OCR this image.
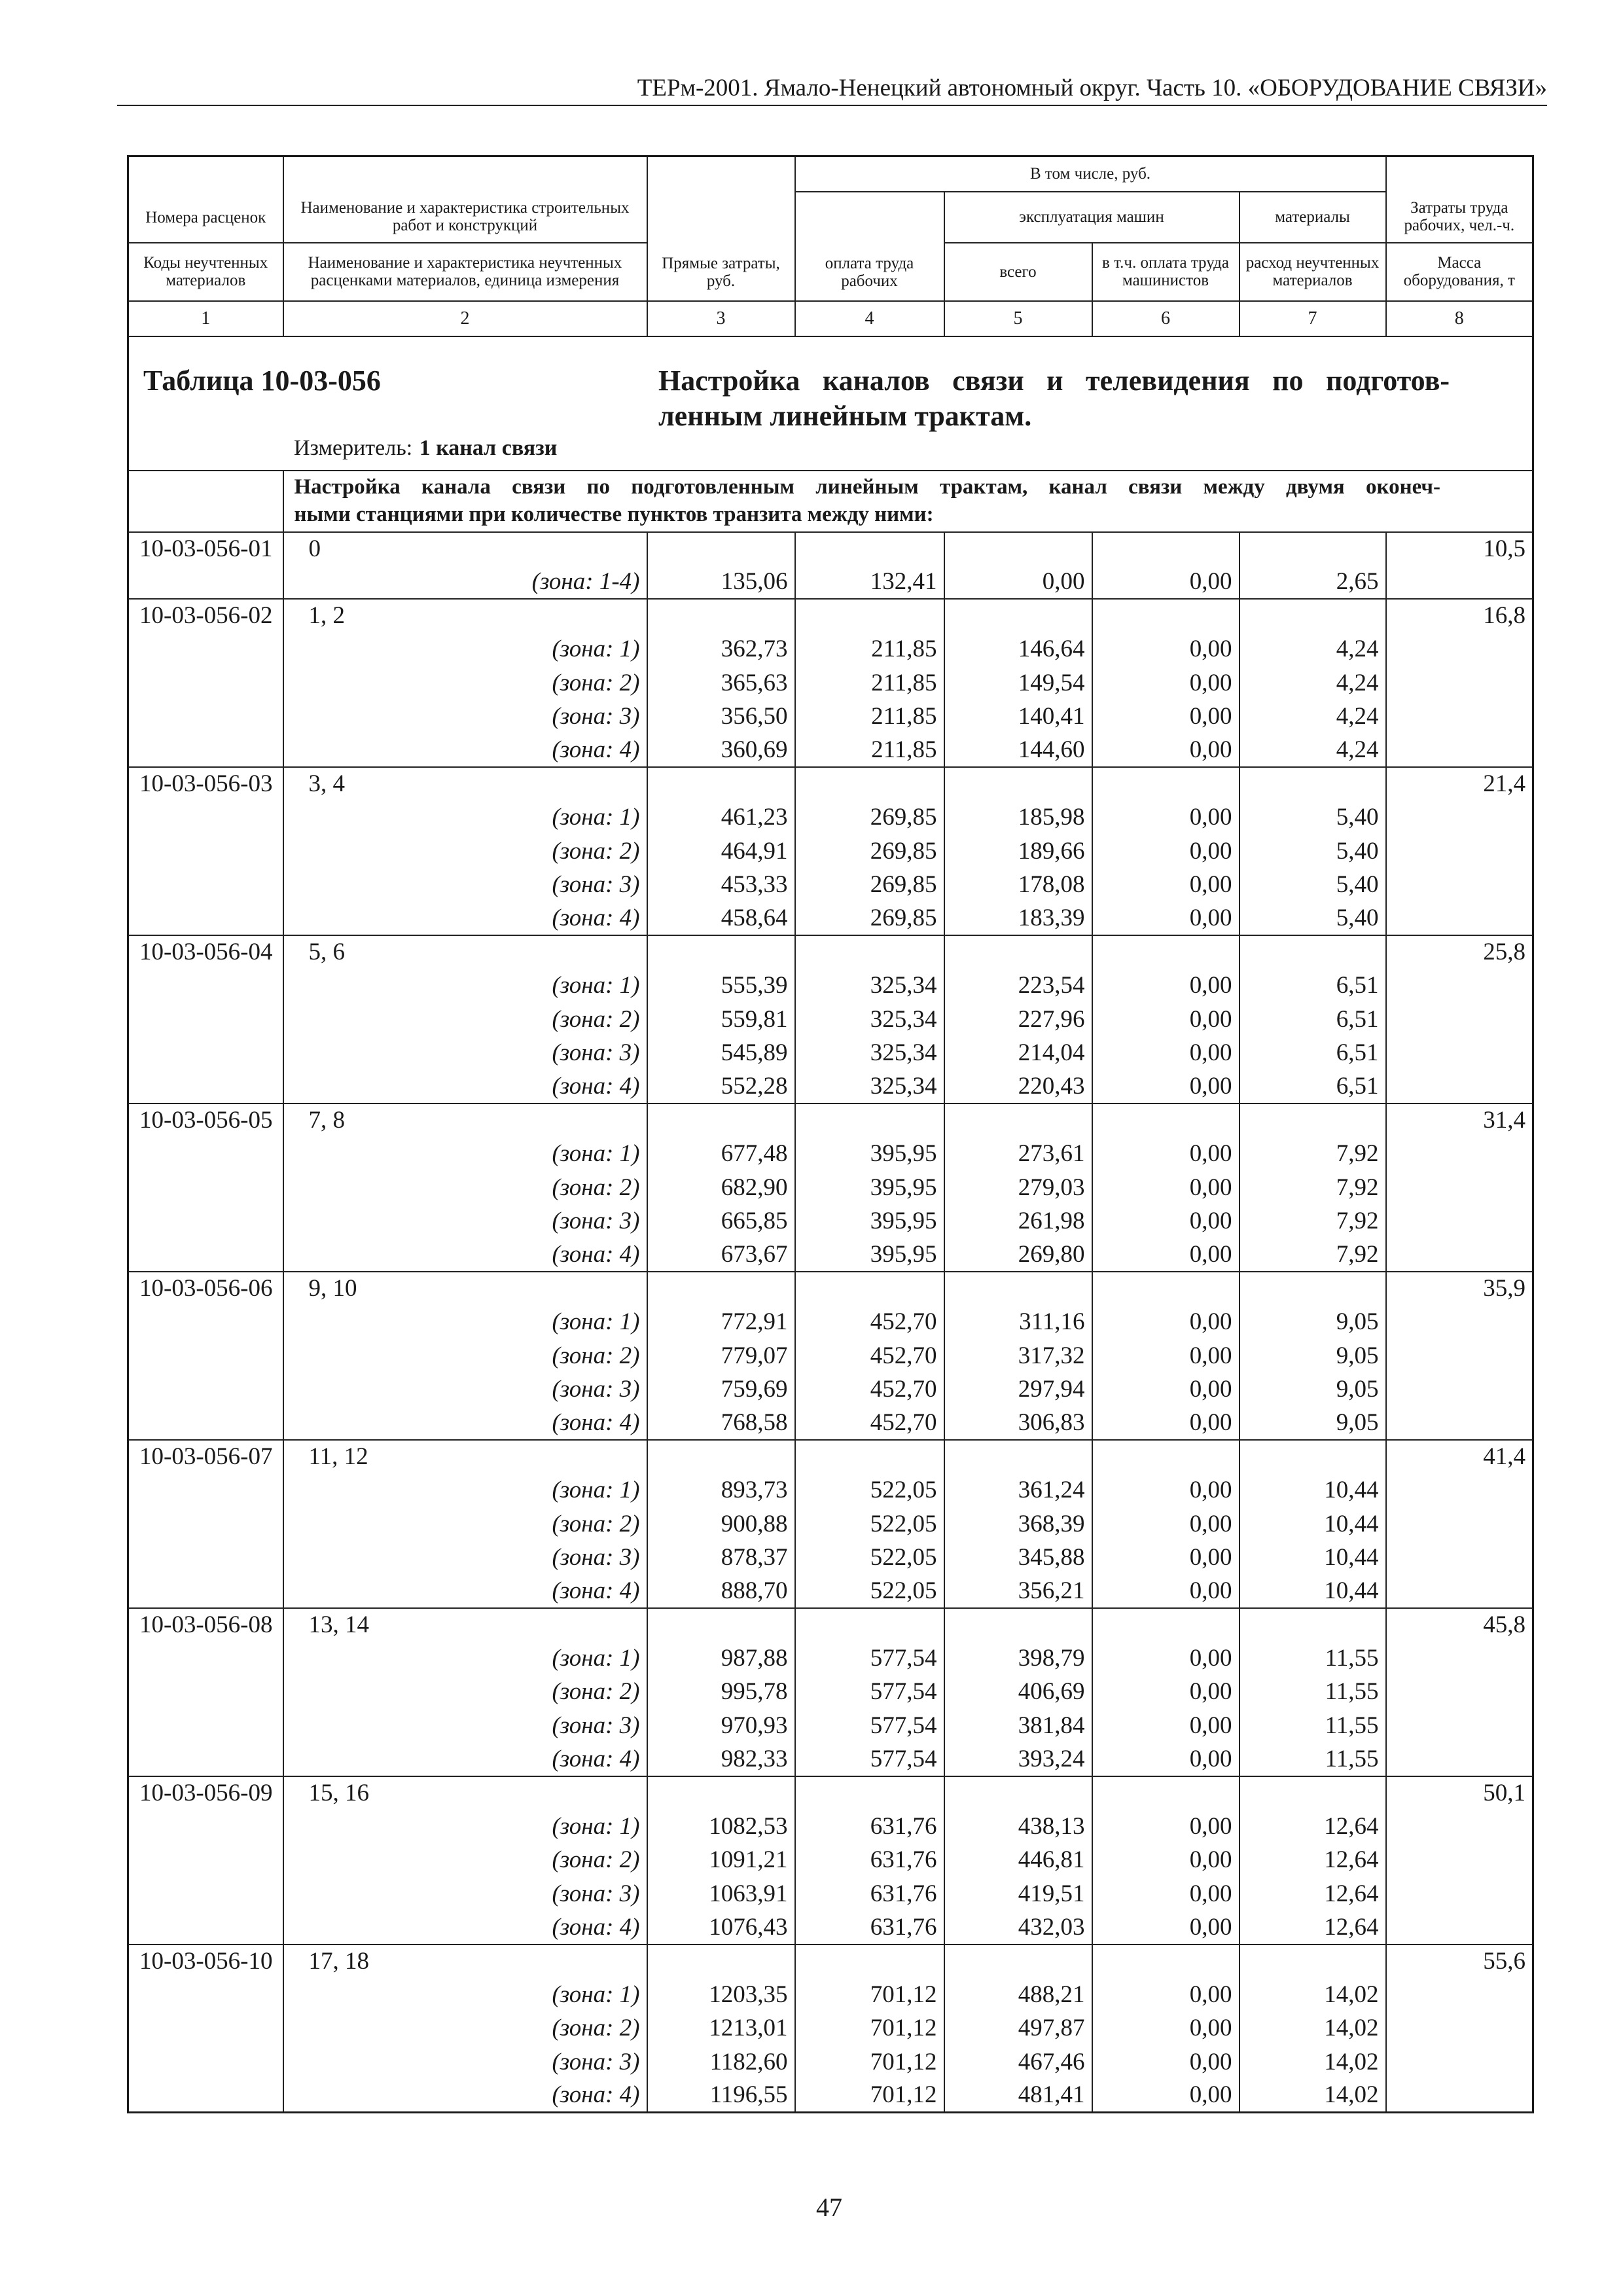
ТЕРм-2001. Ямало-Ненецкий автономный округ. Часть 10. «ОБОРУДОВАНИЕ СВЯЗИ»
Номера расценок	Наименование и характеристика строительных работ и конструкций	Прямые затраты, руб.	В том числе, руб.				Затраты труда рабочих, чел.-ч.
			оплата труда рабочих	эксплуатация машин		материалы	
Коды неучтенных материалов	Наименование и характеристика неучтенных расценками материалов, единица измерения			всего	в т.ч. оплата труда машинистов	расход неучтенных материалов	Масса оборудования, т
1	2	3	4	5	6	7	8

Таблица 10-03-056 Настройка каналов связи и телевидения по подготов-
ленным линейным трактам.
Измеритель: 1 канал связи							

	Настройка канала связи по подготовленным линейным трактам, канал связи между двумя оконеч-
ными станциями при количестве пунктов транзита между ними:						

10-03-056-01	0						10,5
	(зона: 1-4)	135,06	132,41	0,00	0,00	2,65	
10-03-056-02	1, 2						16,8
	(зона: 1)	362,73	211,85	146,64	0,00	4,24	
	(зона: 2)	365,63	211,85	149,54	0,00	4,24	
	(зона: 3)	356,50	211,85	140,41	0,00	4,24	
	(зона: 4)	360,69	211,85	144,60	0,00	4,24	
10-03-056-03	3, 4						21,4
	(зона: 1)	461,23	269,85	185,98	0,00	5,40	
	(зона: 2)	464,91	269,85	189,66	0,00	5,40	
	(зона: 3)	453,33	269,85	178,08	0,00	5,40	
	(зона: 4)	458,64	269,85	183,39	0,00	5,40	
10-03-056-04	5, 6						25,8
	(зона: 1)	555,39	325,34	223,54	0,00	6,51	
	(зона: 2)	559,81	325,34	227,96	0,00	6,51	
	(зона: 3)	545,89	325,34	214,04	0,00	6,51	
	(зона: 4)	552,28	325,34	220,43	0,00	6,51	
10-03-056-05	7, 8						31,4
	(зона: 1)	677,48	395,95	273,61	0,00	7,92	
	(зона: 2)	682,90	395,95	279,03	0,00	7,92	
	(зона: 3)	665,85	395,95	261,98	0,00	7,92	
	(зона: 4)	673,67	395,95	269,80	0,00	7,92	
10-03-056-06	9, 10						35,9
	(зона: 1)	772,91	452,70	311,16	0,00	9,05	
	(зона: 2)	779,07	452,70	317,32	0,00	9,05	
	(зона: 3)	759,69	452,70	297,94	0,00	9,05	
	(зона: 4)	768,58	452,70	306,83	0,00	9,05	
10-03-056-07	11, 12						41,4
	(зона: 1)	893,73	522,05	361,24	0,00	10,44	
	(зона: 2)	900,88	522,05	368,39	0,00	10,44	
	(зона: 3)	878,37	522,05	345,88	0,00	10,44	
	(зона: 4)	888,70	522,05	356,21	0,00	10,44	
10-03-056-08	13, 14						45,8
	(зона: 1)	987,88	577,54	398,79	0,00	11,55	
	(зона: 2)	995,78	577,54	406,69	0,00	11,55	
	(зона: 3)	970,93	577,54	381,84	0,00	11,55	
	(зона: 4)	982,33	577,54	393,24	0,00	11,55	
10-03-056-09	15, 16						50,1
	(зона: 1)	1082,53	631,76	438,13	0,00	12,64	
	(зона: 2)	1091,21	631,76	446,81	0,00	12,64	
	(зона: 3)	1063,91	631,76	419,51	0,00	12,64	
	(зона: 4)	1076,43	631,76	432,03	0,00	12,64	
10-03-056-10	17, 18						55,6
	(зона: 1)	1203,35	701,12	488,21	0,00	14,02	
	(зона: 2)	1213,01	701,12	497,87	0,00	14,02	
	(зона: 3)	1182,60	701,12	467,46	0,00	14,02	
	(зона: 4)	1196,55	701,12	481,41	0,00	14,02	
47
